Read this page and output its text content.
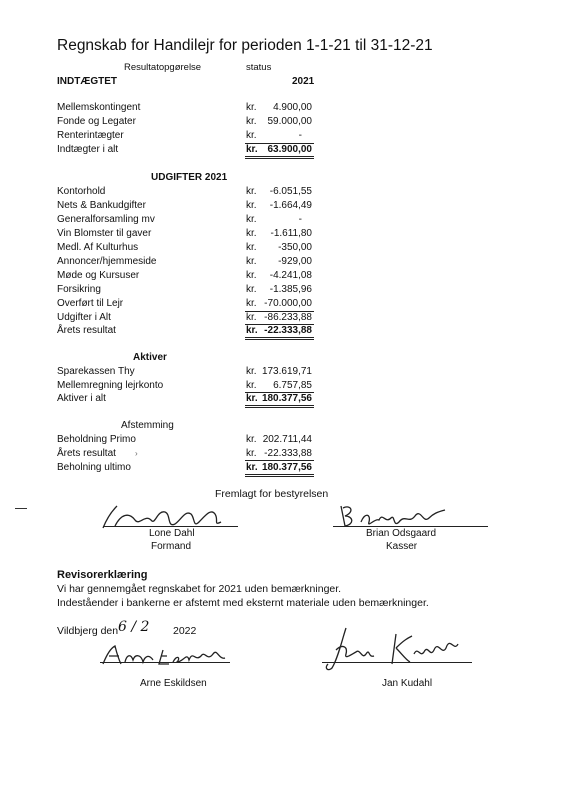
Regnskab for Handilejr for perioden 1-1-21 til 31-12-21
Resultatopgørelse	status
INDTÆGTET	2021
Mellemskontingent	kr.	4.900,00
Fonde og Legater	kr.	59.000,00
Renterintægter	kr.	-
Indtægter i alt	kr. 63.900,00
UDGIFTER 2021
Kontorhold	kr.	-6.051,55
Nets & Bankudgifter	kr.	-1.664,49
Generalforsamling mv	kr.	-
Vin Blomster til gaver	kr.	-1.611,80
Medl. Af Kulturhus	kr.	-350,00
Annoncer/hjemmeside	kr.	-929,00
Møde og Kursuser	kr.	-4.241,08
Forsikring	kr.	-1.385,96
Overført til Lejr	kr. -70.000,00
Udgifter i Alt	kr. -86.233,88
Årets resultat	kr. -22.333,88
Aktiver
Sparekassen Thy	kr. 173.619,71
Mellemregning lejrkonto	kr.	6.757,85
Aktiver i alt	kr. 180.377,56
Afstemming
Beholdning Primo	kr. 202.711,44
Årets resultat	kr. -22.333,88
Beholning ultimo	kr. 180.377,56
›
Fremlagt for bestyrelsen
Lone Dahl
Formand
Brian Odsgaard
Kasser
Revisorerklæring
Vi har gennemgået regnskabet for 2021 uden bemærkninger.
Indeståender i bankerne er afstemt med eksternt materiale uden bemærkninger.
Vildbjerg den 6 / 2 2022
Arne Eskildsen	Jan Kudahl
